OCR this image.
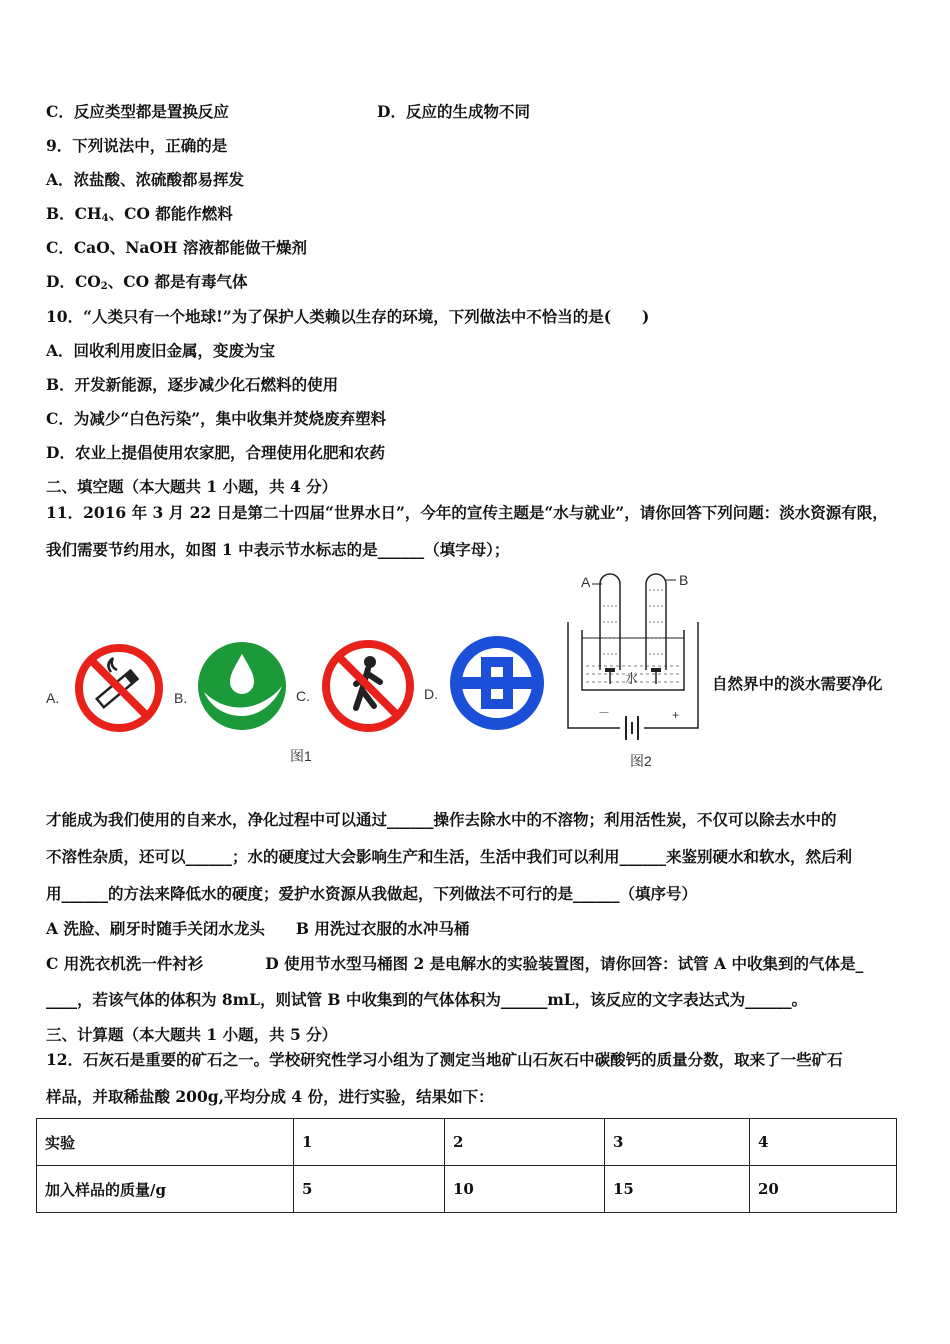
C．反应类型都是置换反应	D．反应的生成物不同
9．下列说法中，正确的是
A．浓盐酸、浓硫酸都易挥发
B．$CH_4$、CO 都能作燃料
C．CaO、NaOH 溶液都能做干燥剂
D．$CO_2$、CO 都是有毒气体
10．“人类只有一个地球!”为了保护人类赖以生存的环境，下列做法中不恰当的是(　　)
A．回收利用废旧金属，变废为宝
B．开发新能源，逐步减少化石燃料的使用
C．为减少“白色污染”，集中收集并焚烧废弃塑料
D．农业上提倡使用农家肥，合理使用化肥和农药
二、填空题（本大题共 1 小题，共 4 分）
11．2016 年 3 月 22 日是第二十四届“世界水日”，今年的宣传主题是“水与就业”，请你回答下列问题：淡水资源有限，
我们需要节约用水，如图 1 中表示节水标志的是______（填字母）；
A.	B.	C.	D.
图1
A	B
水
－	+
图2
自然界中的淡水需要净化
才能成为我们使用的自来水，净化过程中可以通过______操作去除水中的不溶物；利用活性炭，不仅可以除去水中的
不溶性杂质，还可以______；水的硬度过大会影响生产和生活，生活中我们可以利用______来鉴别硬水和软水，然后利
用______的方法来降低水的硬度；爱护水资源从我做起，下列做法不可行的是______（填序号）
A 洗脸、刷牙时随手关闭水龙头　　B 用洗过衣服的水冲马桶
C 用洗衣机洗一件衬衫　　　　D 使用节水型马桶图 2 是电解水的实验装置图，请你回答：试管 A 中收集到的气体是_
____，若该气体的体积为 8mL，则试管 B 中收集到的气体体积为______mL，该反应的文字表达式为______。
三、计算题（本大题共 1 小题，共 5 分）
12．石灰石是重要的矿石之一。学校研究性学习小组为了测定当地矿山石灰石中碳酸钙的质量分数，取来了一些矿石
样品，并取稀盐酸 200g,平均分成 4 份，进行实验，结果如下：
实验	1	2	3	4
加入样品的质量/g	5	10	15	20
